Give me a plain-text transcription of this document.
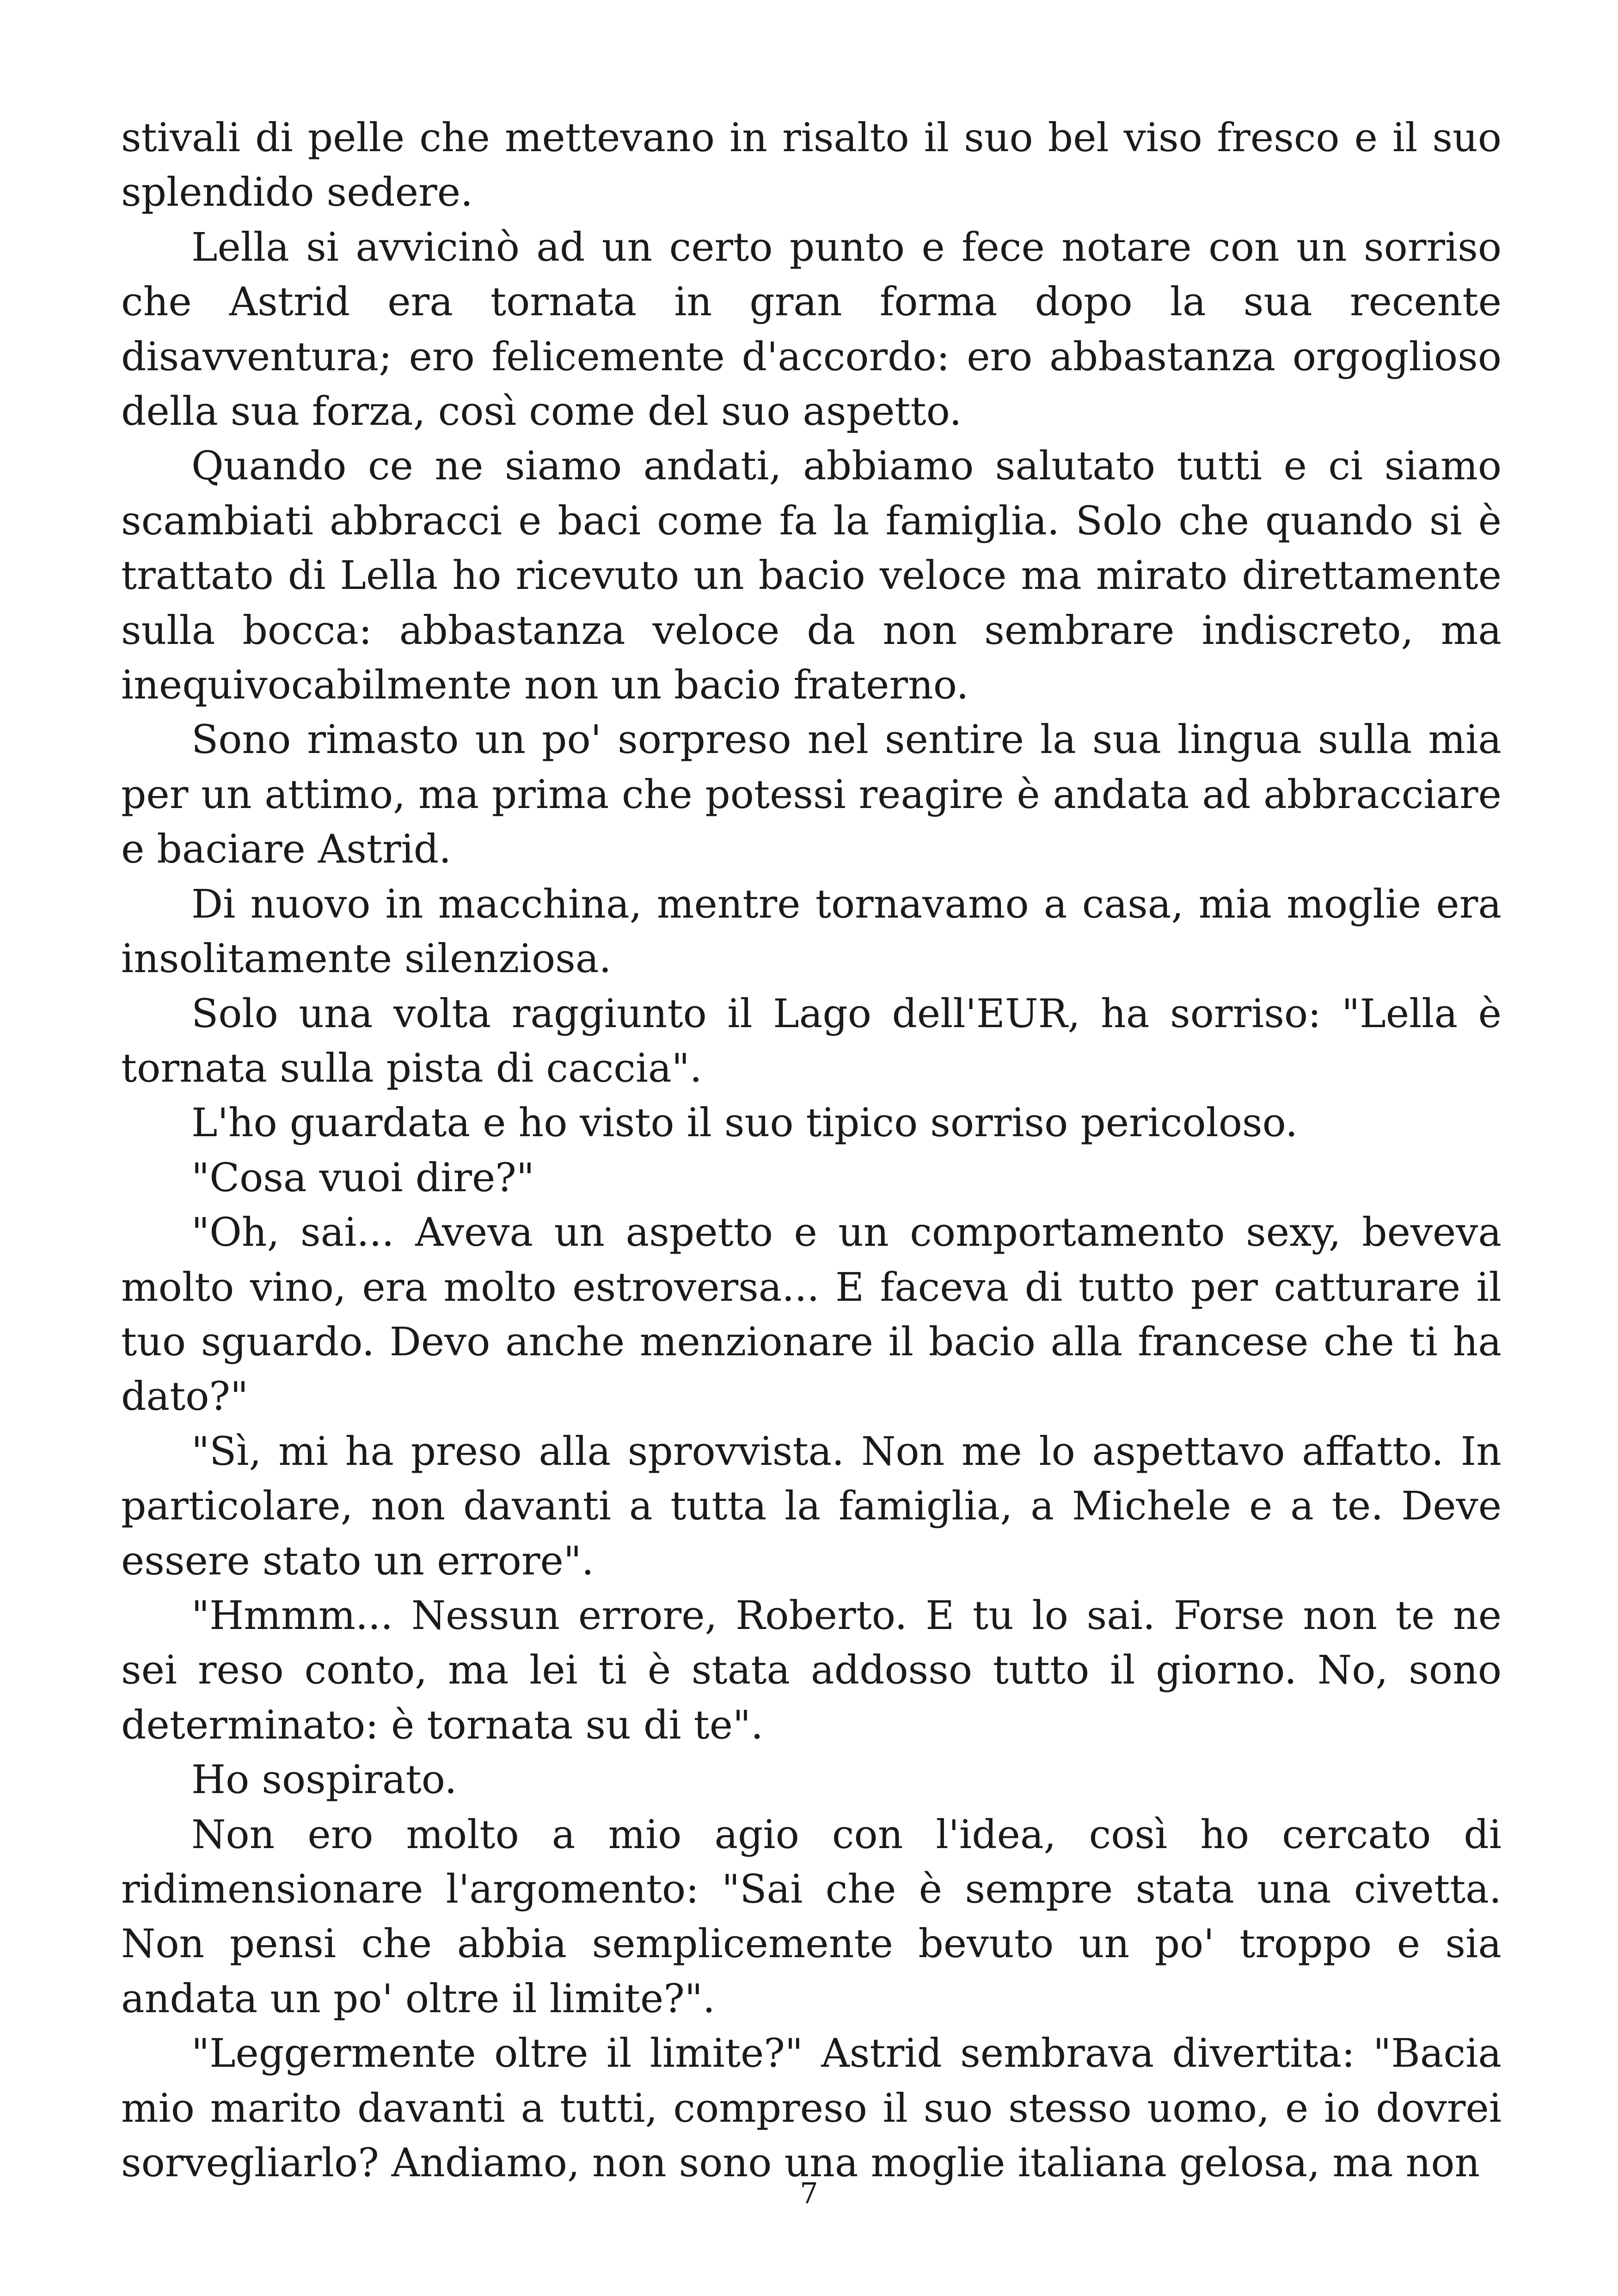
stivali di pelle che mettevano in risalto il suo bel viso fresco e il suo splendido sedere.

Lella si avvicinò ad un certo punto e fece notare con un sorriso che Astrid era tornata in gran forma dopo la sua recente disavventura; ero felicemente d'accordo: ero abbastanza orgoglioso della sua forza, così come del suo aspetto.

Quando ce ne siamo andati, abbiamo salutato tutti e ci siamo scambiati abbracci e baci come fa la famiglia. Solo che quando si è trattato di Lella ho ricevuto un bacio veloce ma mirato direttamente sulla bocca: abbastanza veloce da non sembrare indiscreto, ma inequivocabilmente non un bacio fraterno.

Sono rimasto un po' sorpreso nel sentire la sua lingua sulla mia per un attimo, ma prima che potessi reagire è andata ad abbracciare e baciare Astrid.

Di nuovo in macchina, mentre tornavamo a casa, mia moglie era insolitamente silenziosa.

Solo una volta raggiunto il Lago dell'EUR, ha sorriso: "Lella è tornata sulla pista di caccia".

L'ho guardata e ho visto il suo tipico sorriso pericoloso.

"Cosa vuoi dire?"

"Oh, sai... Aveva un aspetto e un comportamento sexy, beveva molto vino, era molto estroversa... E faceva di tutto per catturare il tuo sguardo. Devo anche menzionare il bacio alla francese che ti ha dato?"

"Sì, mi ha preso alla sprovvista. Non me lo aspettavo affatto. In particolare, non davanti a tutta la famiglia, a Michele e a te. Deve essere stato un errore".

"Hmmm... Nessun errore, Roberto. E tu lo sai. Forse non te ne sei reso conto, ma lei ti è stata addosso tutto il giorno. No, sono determinato: è tornata su di te".

Ho sospirato.

Non ero molto a mio agio con l'idea, così ho cercato di ridimensionare l'argomento: "Sai che è sempre stata una civetta. Non pensi che abbia semplicemente bevuto un po' troppo e sia andata un po' oltre il limite?".

"Leggermente oltre il limite?" Astrid sembrava divertita: "Bacia mio marito davanti a tutti, compreso il suo stesso uomo, e io dovrei sorvegliarlo? Andiamo, non sono una moglie italiana gelosa, ma non

7
